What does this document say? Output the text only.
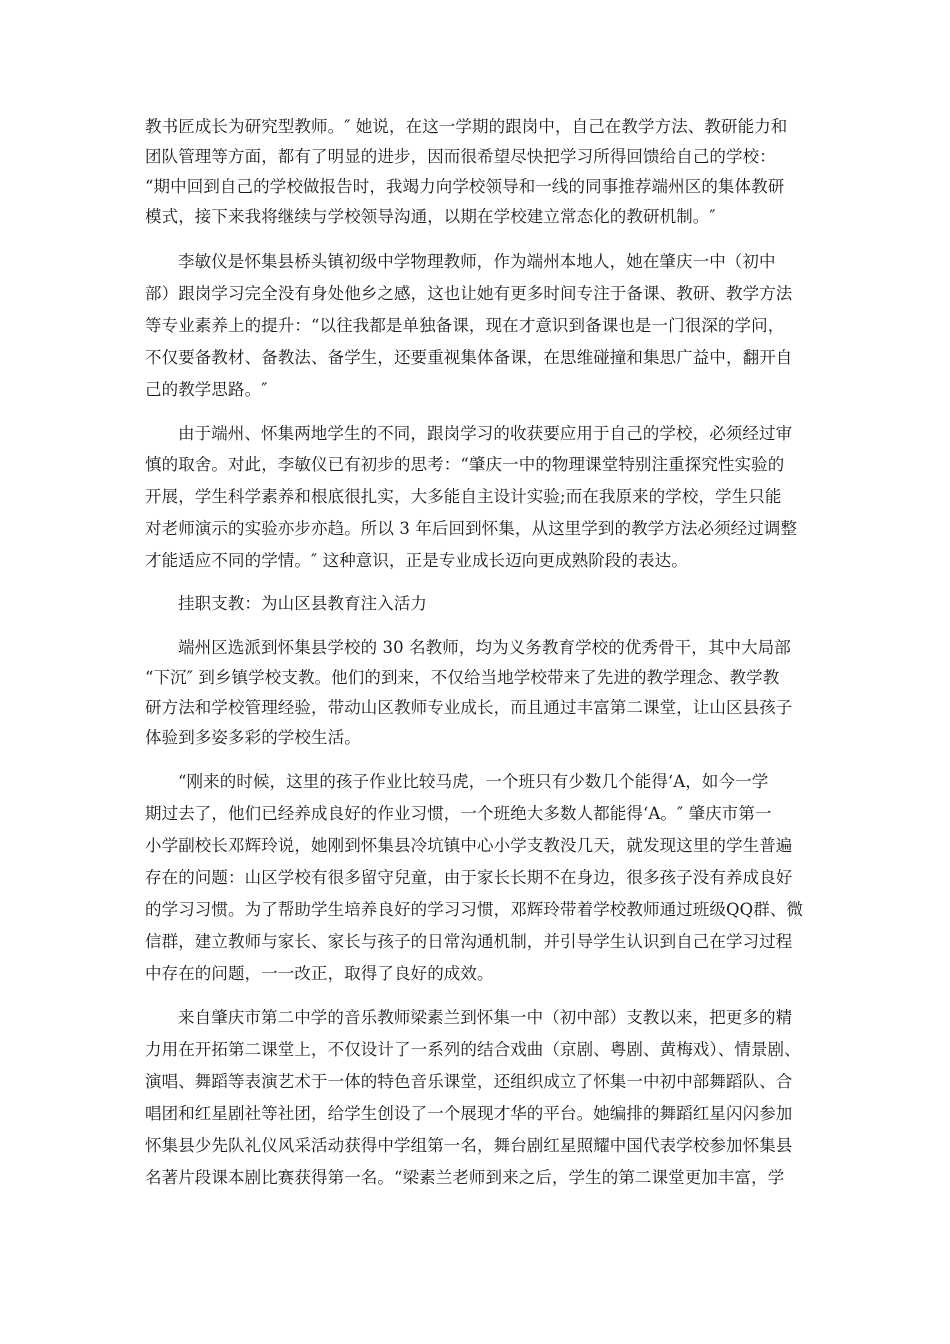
教书匠成长为研究型教师。″ 她说，在这一学期的跟岗中，自己在教学方法、教研能力和
团队管理等方面，都有了明显的进步，因而很希望尽快把学习所得回馈给自己的学校：
“期中回到自己的学校做报告时，我竭力向学校领导和一线的同事推荐端州区的集体教研
模式，接下来我将继续与学校领导沟通，以期在学校建立常态化的教研机制。″
李敏仪是怀集县桥头镇初级中学物理教师，作为端州本地人，她在肇庆一中（初中
部）跟岗学习完全没有身处他乡之感，这也让她有更多时间专注于备课、教研、教学方法
等专业素养上的提升：“以往我都是单独备课，现在才意识到备课也是一门很深的学问，
不仅要备教材、备教法、备学生，还要重视集体备课，在思维碰撞和集思广益中，翻开自
己的教学思路。″
由于端州、怀集两地学生的不同，跟岗学习的收获要应用于自己的学校，必须经过审
慎的取舍。对此，李敏仪已有初步的思考：“肇庆一中的物理课堂特别注重探究性实验的
开展，学生科学素养和根底很扎实，大多能自主设计实验;而在我原来的学校，学生只能
对老师演示的实验亦步亦趋。所以 3 年后回到怀集，从这里学到的教学方法必须经过调整
才能适应不同的学情。″ 这种意识，正是专业成长迈向更成熟阶段的表达。
挂职支教：为山区县教育注入活力
端州区选派到怀集县学校的 30 名教师，均为义务教育学校的优秀骨干，其中大局部
“下沉″ 到乡镇学校支教。他们的到来，不仅给当地学校带来了先进的教学理念、教学教
研方法和学校管理经验，带动山区教师专业成长，而且通过丰富第二课堂，让山区县孩子
体验到多姿多彩的学校生活。
“刚来的时候，这里的孩子作业比较马虎，一个班只有少数几个能得‘A，如今一学
期过去了，他们已经养成良好的作业习惯，一个班绝大多数人都能得‘A。″ 肇庆市第一
小学副校长邓辉玲说，她刚到怀集县冷坑镇中心小学支教没几天，就发现这里的学生普遍
存在的问题：山区学校有很多留守兒童，由于家长长期不在身边，很多孩子没有养成良好
的学习习惯。为了帮助学生培养良好的学习习惯，邓辉玲带着学校教师通过班级QQ群、微
信群，建立教师与家长、家长与孩子的日常沟通机制，并引导学生认识到自己在学习过程
中存在的问题，一一改正，取得了良好的成效。
来自肇庆市第二中学的音乐教师梁素兰到怀集一中（初中部）支教以来，把更多的精
力用在开拓第二课堂上，不仅设计了一系列的结合戏曲（京剧、粤剧、黄梅戏）、情景剧、
演唱、舞蹈等表演艺术于一体的特色音乐课堂，还组织成立了怀集一中初中部舞蹈队、合
唱团和红星剧社等社团，给学生创设了一个展现才华的平台。她编排的舞蹈红星闪闪参加
怀集县少先队礼仪风采活动获得中学组第一名，舞台剧红星照耀中国代表学校参加怀集县
名著片段课本剧比赛获得第一名。“梁素兰老师到来之后，学生的第二课堂更加丰富，学
